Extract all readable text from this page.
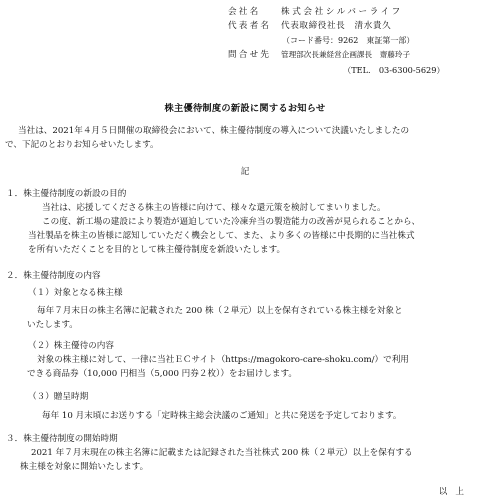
会社名 株式会社シルバーライフ
代表者名 代表取締役社長　清水貴久
（コード番号：9262　東証第一部）
問合せ先 管理部次長兼経営企画課長　齋藤玲子
（TEL.　03-6300-5629）
株主優待制度の新設に関するお知らせ
当社は、2021年４月５日開催の取締役会において、株主優待制度の導入について決議いたしましたの
で、下記のとおりお知らせいたします。
記
１．株主優待制度の新設の目的
当社は、応援してくださる株主の皆様に向けて、様々な還元策を検討してまいりました。
この度、新工場の建設により製造が逼迫していた冷凍弁当の製造能力の改善が見られることから、
当社製品を株主の皆様に認知していただく機会として、また、より多くの皆様に中長期的に当社株式
を所有いただくことを目的として株主優待制度を新設いたします。
２．株主優待制度の内容
（１）対象となる株主様
毎年７月末日の株主名簿に記載された 200 株（２単元）以上を保有されている株主様を対象と
いたします。
（２）株主優待の内容
対象の株主様に対して、一律に当社ＥＣサイト（https://magokoro-care-shoku.com/）で利用
できる商品券（10,000 円相当（5,000 円券２枚））をお届けします。
（３）贈呈時期
毎年 10 月末頃にお送りする「定時株主総会決議のご通知」と共に発送を予定しております。
３．株主優待制度の開始時期
2021 年７月末現在の株主名簿に記載または記録された当社株式 200 株（２単元）以上を保有する
株主様を対象に開始いたします。
以上
